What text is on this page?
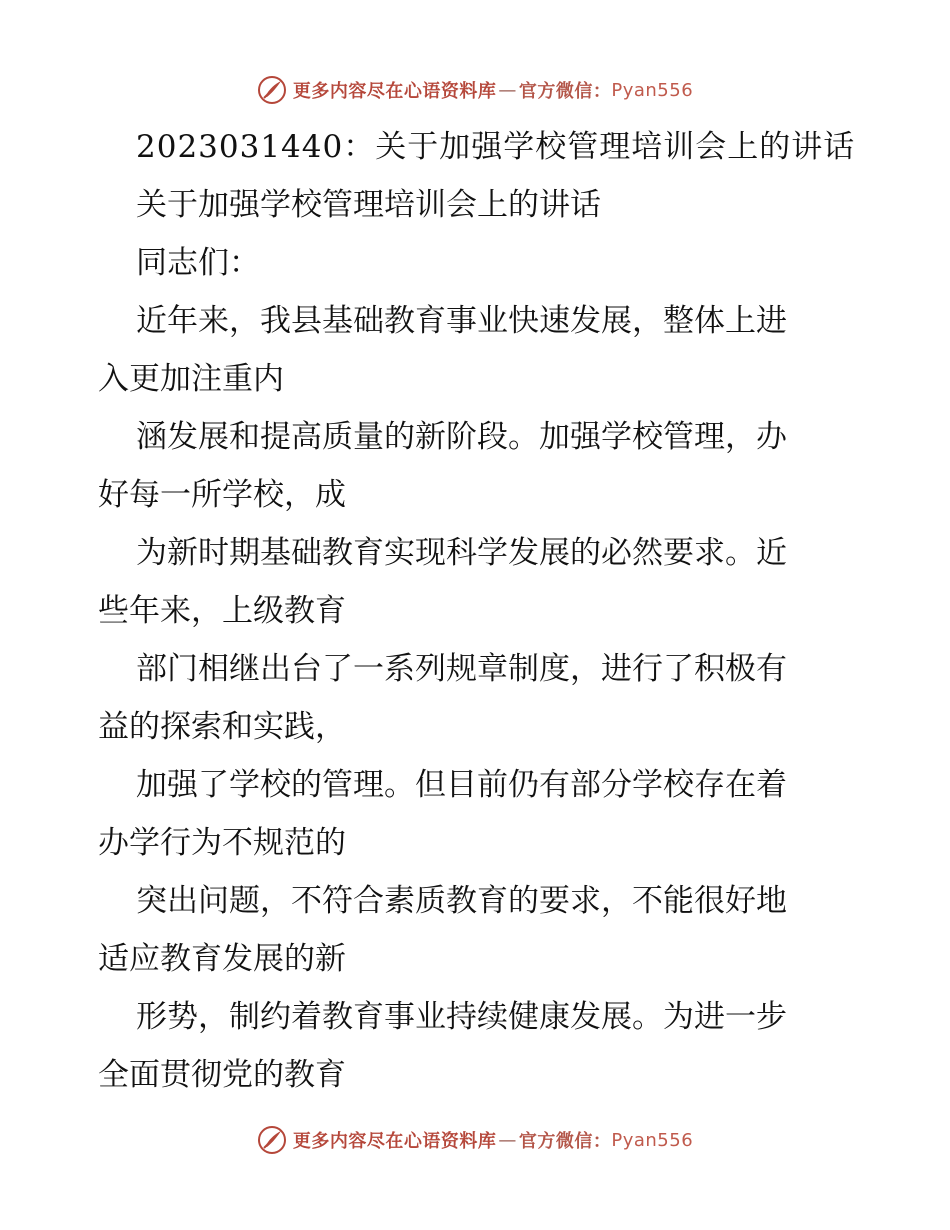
更多内容尽在心语资料库 — 官方微信： Pyan556
2023031440：关于加强学校管理培训会上的讲话
关于加强学校管理培训会上的讲话
同志们：
近年来，我县基础教育事业快速发展，整体上进
入更加注重内
涵发展和提高质量的新阶段。加强学校管理，办
好每一所学校，成
为新时期基础教育实现科学发展的必然要求。近
些年来，上级教育
部门相继出台了一系列规章制度，进行了积极有
益的探索和实践，
加强了学校的管理。但目前仍有部分学校存在着
办学行为不规范的
突出问题，不符合素质教育的要求，不能很好地
适应教育发展的新
形势，制约着教育事业持续健康发展。为进一步
全面贯彻党的教育
更多内容尽在心语资料库 — 官方微信： Pyan556
